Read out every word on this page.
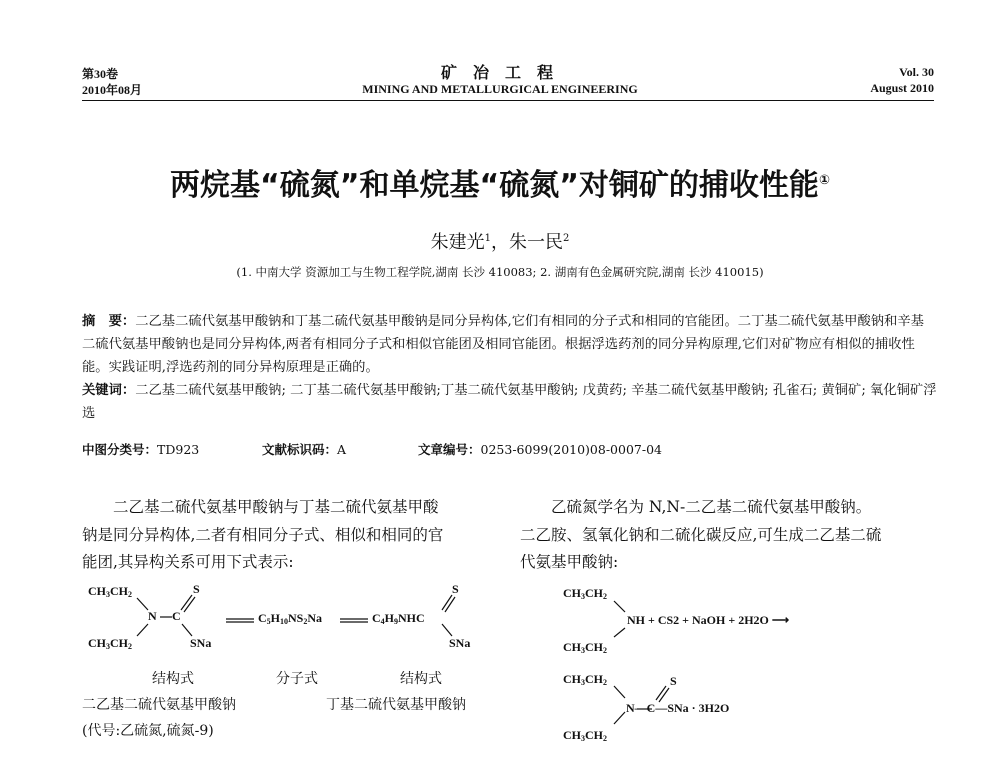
第30卷
2010年08月
矿 冶 工 程
MINING AND METALLURGICAL ENGINEERING
Vol. 30
August 2010
两烷基“硫氮”和单烷基“硫氮”对铜矿的捕收性能①
朱建光$^1$，朱一民$^2$
(1. 中南大学 资源加工与生物工程学院,湖南 长沙 410083; 2. 湖南有色金属研究院,湖南 长沙 410015)
摘　要：二乙基二硫代氨基甲酸钠和丁基二硫代氨基甲酸钠是同分异构体,它们有相同的分子式和相同的官能团。二丁基二硫代氨基甲酸钠和辛基二硫代氨基甲酸钠也是同分异构体,两者有相同分子式和相似官能团及相同官能团。根据浮选药剂的同分异构原理,它们对矿物应有相似的捕收性能。实践证明,浮选药剂的同分异构原理是正确的。
关键词：二乙基二硫代氨基甲酸钠; 二丁基二硫代氨基甲酸钠;丁基二硫代氨基甲酸钠; 戊黄药; 辛基二硫代氨基甲酸钠; 孔雀石; 黄铜矿; 氧化铜矿浮选
中图分类号：TD923	文献标识码：A	文章编号：0253-6099(2010)08-0007-04
　　二乙基二硫代氨基甲酸钠与丁基二硫代氨基甲酸
钠是同分异构体,二者有相同分子式、相似和相同的官
能团,其异构关系可用下式表示:
　　乙硫氮学名为 N,N-二乙基二硫代氨基甲酸钠。
二乙胺、氢氧化钠和二硫化碳反应,可生成二乙基二硫
代氨基甲酸钠:
$CH_3CH_2$
$CH_3CH_2$
N C
S
SNa
$C_5H_{10}NS_2Na$	$C_4H_9NHC$
S
SNa
结构式	分子式	结构式
二乙基二硫代氨基甲酸钠	丁基二硫代氨基甲酸钠
(代号:乙硫氮,硫氮-9)
$CH_3CH_2$
$CH_3CH_2$
NH + CS2 + NaOH + 2H2O ⟶
$CH_3CH_2$
$CH_3CH_2$
S
N—C—SNa · 3H2O
